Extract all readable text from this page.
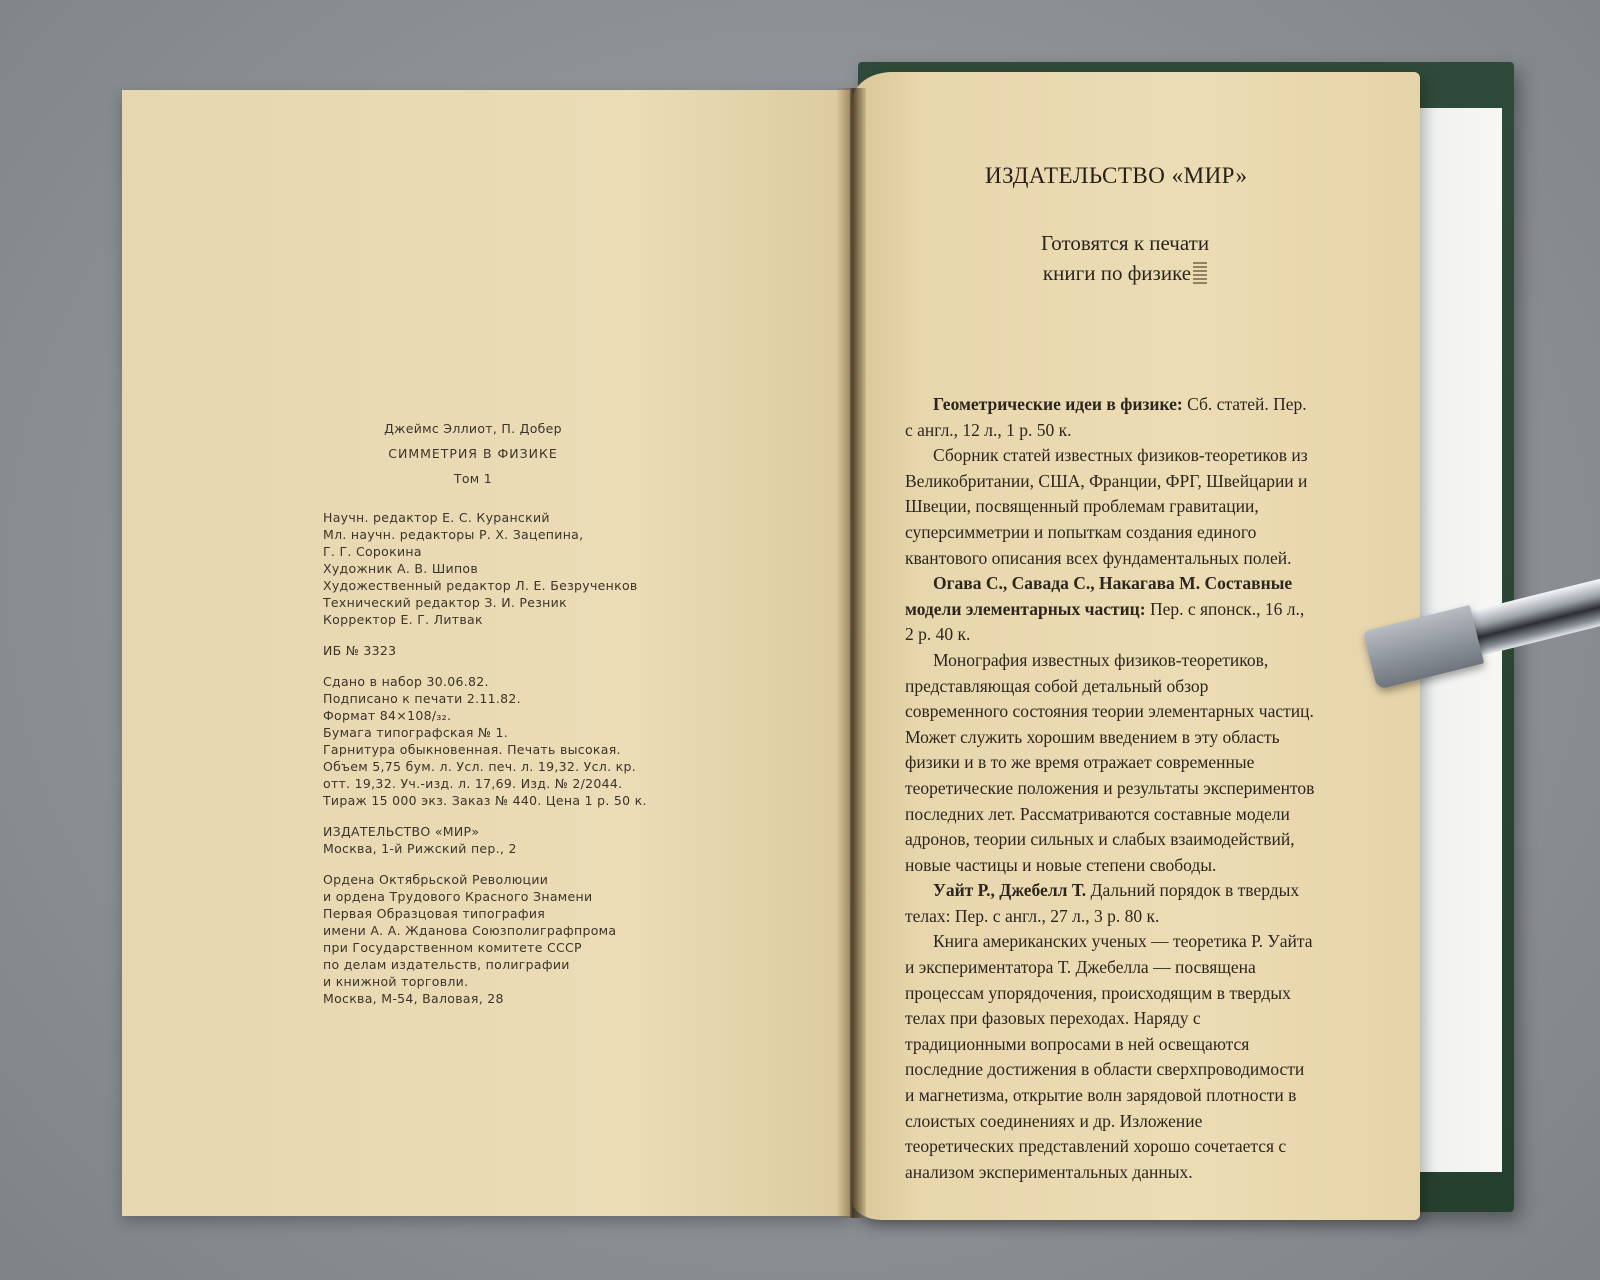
Джеймс Эллиот, П. Добер
СИММЕТРИЯ В ФИЗИКЕ
Том 1
Научн. редактор Е. С. Куранский
Мл. научн. редакторы Р. Х. Зацепина,
Г. Г. Сорокина
Художник А. В. Шипов
Художественный редактор Л. Е. Безрученков
Технический редактор З. И. Резник
Корректор Е. Г. Литвак
ИБ № 3323
Сдано в набор 30.06.82.
Подписано к печати 2.11.82.
Формат 84×108/₃₂.
Бумага типографская № 1.
Гарнитура обыкновенная. Печать высокая.
Объем 5,75 бум. л. Усл. печ. л. 19,32. Усл. кр.
отт. 19,32. Уч.-изд. л. 17,69. Изд. № 2/2044.
Тираж 15 000 экз. Заказ № 440. Цена 1 р. 50 к.
ИЗДАТЕЛЬСТВО «МИР»
Москва, 1-й Рижский пер., 2
Ордена Октябрьской Революции
и ордена Трудового Красного Знамени
Первая Образцовая типография
имени А. А. Жданова Союзполиграфпрома
при Государственном комитете СССР
по делам издательств, полиграфии
и книжной торговли.
Москва, М-54, Валовая, 28
ИЗДАТЕЛЬСТВО «МИР»
Готовятся к печати
книги по физике

Геометрические идеи в физике: Сб. статей. Пер. с англ., 12 л., 1 р. 50 к.

Сборник статей известных физиков-теоретиков из Великобритании, США, Франции, ФРГ, Швейцарии и Швеции, посвященный проблемам гравитации, суперсимметрии и попыткам создания единого квантового описания всех фундаментальных полей.

Огава С., Савада С., Накагава М. Составные модели элементарных частиц: Пер. с японск., 16 л., 2 р. 40 к.

Монография известных физиков-теоретиков, представляющая собой детальный обзор современного состояния теории элементарных частиц. Может служить хорошим введением в эту область физики и в то же время отражает современные теоретические положения и результаты экспериментов последних лет. Рассматриваются составные модели адронов, теории сильных и слабых взаимодействий, новые частицы и новые степени свободы.

Уайт Р., Джебелл Т. Дальний порядок в твердых телах: Пер. с англ., 27 л., 3 р. 80 к.

Книга американских ученых — теоретика Р. Уайта и экспериментатора Т. Джебелла — посвящена процессам упорядочения, происходящим в твердых телах при фазовых переходах. Наряду с традиционными вопросами в ней освещаются последние достижения в области сверхпроводимости и магнетизма, открытие волн зарядовой плотности в слоистых соединениях и др. Изложение теоретических представлений хорошо сочетается с анализом экспериментальных данных.
